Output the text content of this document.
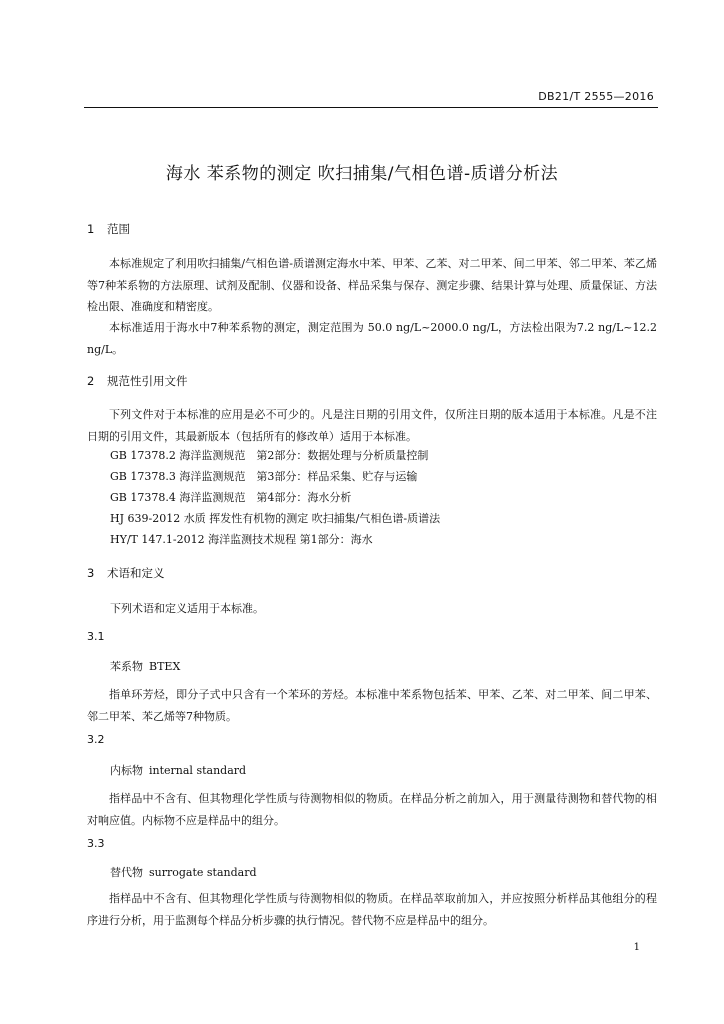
DB21/T 2555—2016
海水 苯系物的测定 吹扫捕集/气相色谱-质谱分析法
1 范围

本标准规定了利用吹扫捕集/气相色谱-质谱测定海水中苯、甲苯、乙苯、对二甲苯、间二甲苯、邻二甲苯、苯乙烯等7种苯系物的方法原理、试剂及配制、仪器和设备、样品采集与保存、测定步骤、结果计算与处理、质量保证、方法检出限、准确度和精密度。

本标准适用于海水中7种苯系物的测定，测定范围为 50.0 ng/L~2000.0 ng/L，方法检出限为7.2 ng/L~12.2 ng/L。

2 规范性引用文件

下列文件对于本标准的应用是必不可少的。凡是注日期的引用文件，仅所注日期的版本适用于本标准。凡是不注日期的引用文件，其最新版本（包括所有的修改单）适用于本标准。

GB 17378.2 海洋监测规范　第2部分：数据处理与分析质量控制
GB 17378.3 海洋监测规范　第3部分：样品采集、贮存与运输
GB 17378.4 海洋监测规范　第4部分：海水分析
HJ 639-2012 水质 挥发性有机物的测定 吹扫捕集/气相色谱-质谱法
HY/T 147.1-2012 海洋监测技术规程 第1部分：海水
3 术语和定义
下列术语和定义适用于本标准。
3.1
苯系物 BTEX

指单环芳烃，即分子式中只含有一个苯环的芳烃。本标准中苯系物包括苯、甲苯、乙苯、对二甲苯、间二甲苯、邻二甲苯、苯乙烯等7种物质。

3.2
内标物 internal standard

指样品中不含有、但其物理化学性质与待测物相似的物质。在样品分析之前加入，用于测量待测物和替代物的相对响应值。内标物不应是样品中的组分。

3.3
替代物 surrogate standard

指样品中不含有、但其物理化学性质与待测物相似的物质。在样品萃取前加入，并应按照分析样品其他组分的程序进行分析，用于监测每个样品分析步骤的执行情况。替代物不应是样品中的组分。

1
